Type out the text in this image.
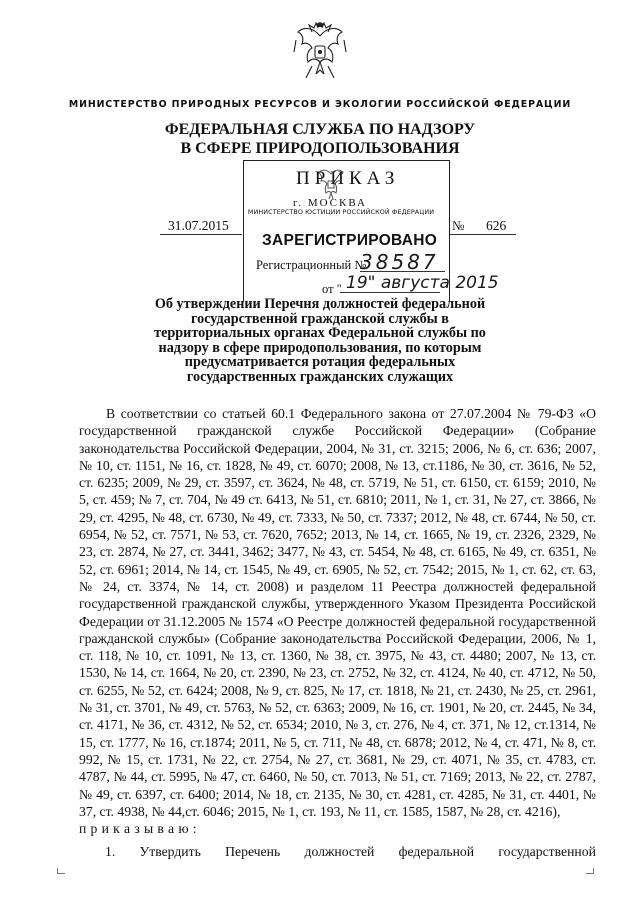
МИНИСТЕРСТВО ПРИРОДНЫХ РЕСУРСОВ И ЭКОЛОГИИ РОССИЙСКОЙ ФЕДЕРАЦИИ
ФЕДЕРАЛЬНАЯ СЛУЖБА ПО НАДЗОРУ
В СФЕРЕ ПРИРОДОПОЛЬЗОВАНИЯ
ПРИКАЗ
г. МОСКВА
МИНИСТЕРСТВО ЮСТИЦИИ РОССИЙСКОЙ ФЕДЕРАЦИИ
31.07.2015	№ 626
ЗАРЕГИСТРИРОВАНО
Регистрационный №
38587
от " 19" августа 2015
Об утверждении Перечня должностей федеральной
государственной гражданской службы в
территориальных органах Федеральной службы по
надзору в сфере природопользования, по которым
предусматривается ротация федеральных
государственных гражданских служащих
В соответствии со статьей 60.1 Федерального закона от 27.07.2004 № 79-ФЗ «О государственной гражданской службе Российской Федерации» (Собрание законодательства Российской Федерации, 2004, № 31, ст. 3215; 2006, № 6, ст. 636; 2007, № 10, ст. 1151, № 16, ст. 1828, № 49, ст. 6070; 2008, № 13, ст.1186, № 30, ст. 3616, № 52, ст. 6235; 2009, № 29, ст. 3597, ст. 3624, № 48, ст. 5719, № 51, ст. 6150, ст. 6159; 2010, № 5, ст. 459; № 7, ст. 704, № 49 ст. 6413, № 51, ст. 6810; 2011, № 1, ст. 31, № 27, ст. 3866, № 29, ст. 4295, № 48, ст. 6730, № 49, ст. 7333, № 50, ст. 7337; 2012, № 48, ст. 6744, № 50, ст. 6954, № 52, ст. 7571, № 53, ст. 7620, 7652; 2013, № 14, ст. 1665, № 19, ст. 2326, 2329, № 23, ст. 2874, № 27, ст. 3441, 3462; 3477, № 43, ст. 5454, № 48, ст. 6165, № 49, ст. 6351, № 52, ст. 6961; 2014, № 14, ст. 1545, № 49, ст. 6905, № 52, ст. 7542; 2015, № 1, ст. 62, ст. 63, № 24, ст. 3374, № 14, ст. 2008) и разделом 11 Реестра должностей федеральной государственной гражданской службы, утвержденного Указом Президента Российской Федерации от 31.12.2005 № 1574 «О Реестре должностей федеральной государственной гражданской службы» (Собрание законодательства Российской Федерации, 2006, № 1, ст. 118, № 10, ст. 1091, № 13, ст. 1360, № 38, ст. 3975, № 43, ст. 4480; 2007, № 13, ст. 1530, № 14, ст. 1664, № 20, ст. 2390, № 23, ст. 2752, № 32, ст. 4124, № 40, ст. 4712, № 50, ст. 6255, № 52, ст. 6424; 2008, № 9, ст. 825, № 17, ст. 1818, № 21, ст. 2430, № 25, ст. 2961, № 31, ст. 3701, № 49, ст. 5763, № 52, ст. 6363; 2009, № 16, ст. 1901, № 20, ст. 2445, № 34, ст. 4171, № 36, ст. 4312, № 52, ст. 6534; 2010, № 3, ст. 276, № 4, ст. 371, № 12, ст.1314, № 15, ст. 1777, № 16, ст.1874; 2011, № 5, ст. 711, № 48, ст. 6878; 2012, № 4, ст. 471, № 8, ст. 992, № 15, ст. 1731, № 22, ст. 2754, № 27, ст. 3681, № 29, ст. 4071, № 35, ст. 4783, ст. 4787, № 44, ст. 5995, № 47, ст. 6460, № 50, ст. 7013, № 51, ст. 7169; 2013, № 22, ст. 2787, № 49, ст. 6397, ст. 6400; 2014, № 18, ст. 2135, № 30, ст. 4281, ст. 4285, № 31, ст. 4401, № 37, ст. 4938, № 44,ст. 6046; 2015, № 1, ст. 193, № 11, ст. 1585, 1587, № 28, ст. 4216),
п р и к а з ы в а ю :
1. Утвердить Перечень должностей федеральной государственной
